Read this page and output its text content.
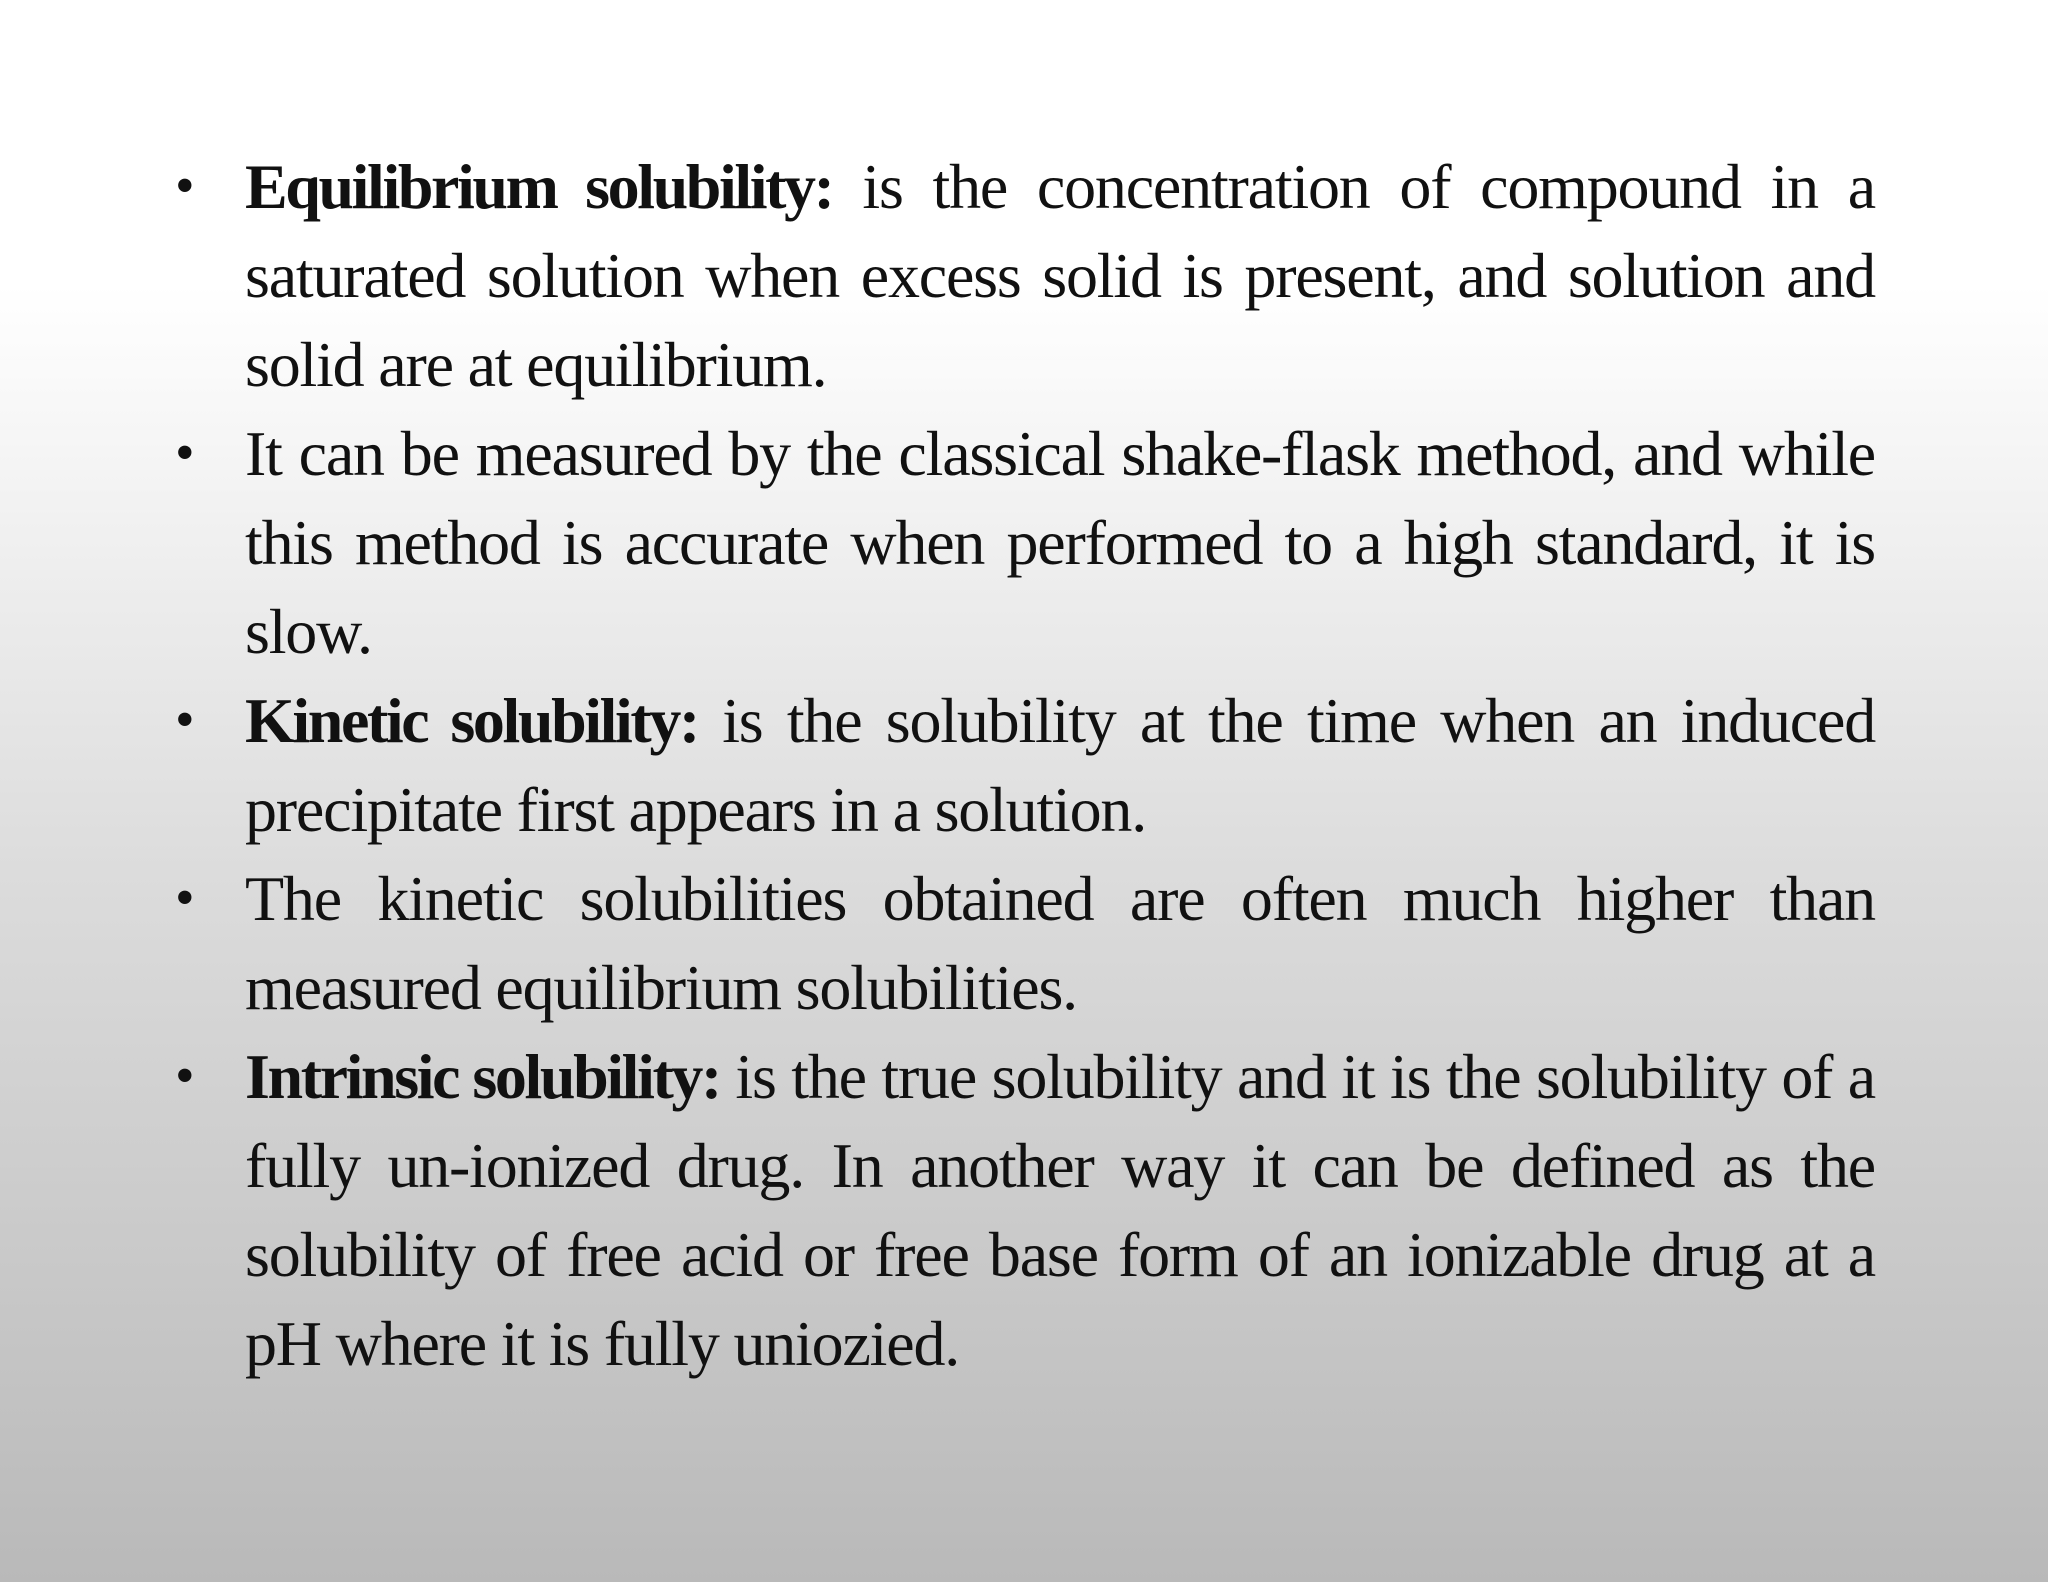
• Equilibrium solubility: is the concentration of compound in a saturated solution when excess solid is present, and solution and solid are at equilibrium.
• It can be measured by the classical shake-flask method, and while this method is accurate when performed to a high standard, it is slow.
• Kinetic solubility: is the solubility at the time when an induced precipitate first appears in a solution.
• The kinetic solubilities obtained are often much higher than measured equilibrium solubilities.
• Intrinsic solubility: is the true solubility and it is the solubility of a fully un-ionized drug. In another way it can be defined as the solubility of free acid or free base form of an ionizable drug at a pH where it is fully uniozied.
